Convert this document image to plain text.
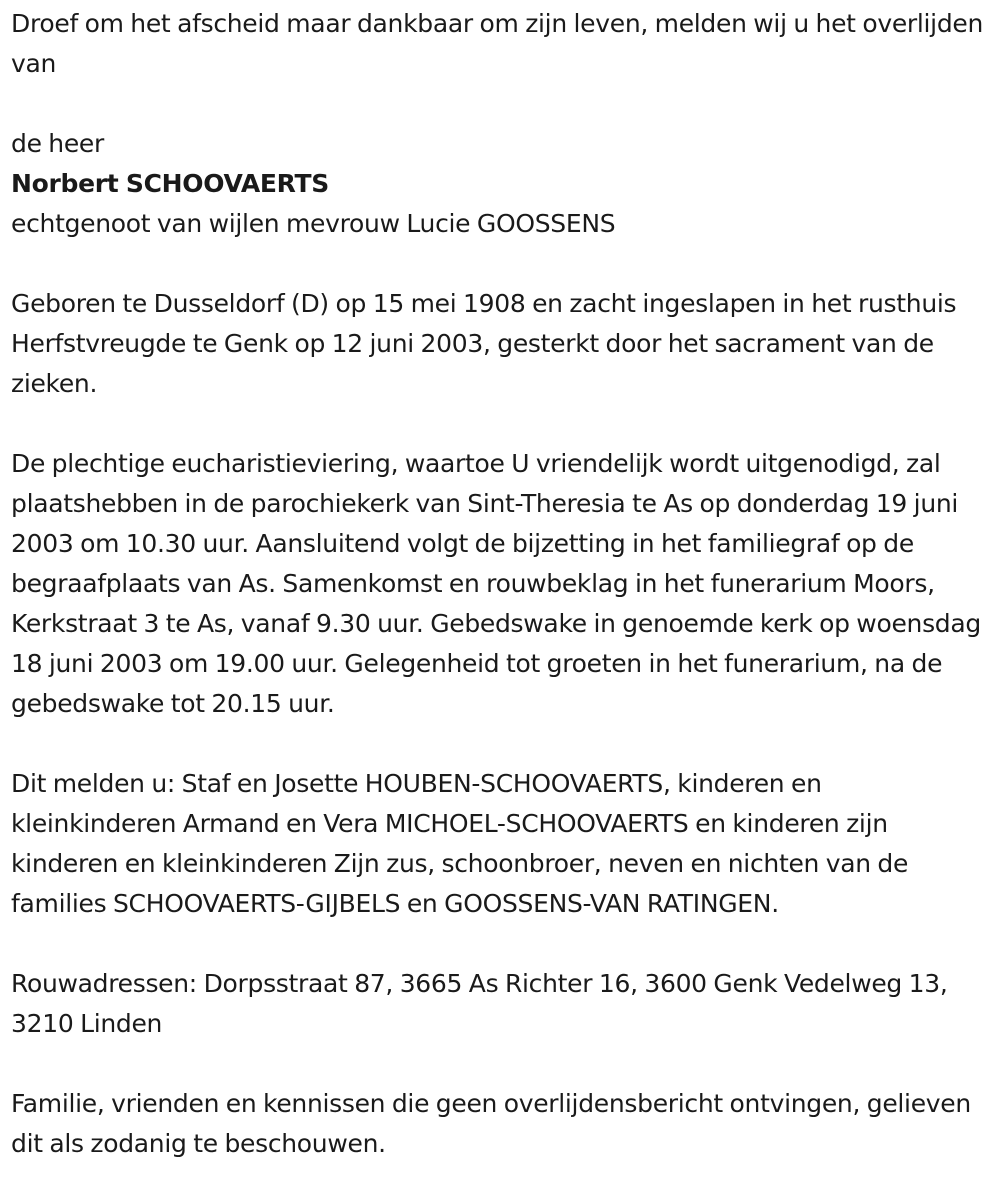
Droef om het afscheid maar dankbaar om zijn leven, melden wij u het overlijden van

de heer

Norbert SCHOOVAERTS

echtgenoot van wijlen mevrouw Lucie GOOSSENS

Geboren te Dusseldorf (D) op 15 mei 1908 en zacht ingeslapen in het rusthuis Herfstvreugde te Genk op 12 juni 2003, gesterkt door het sacrament van de zieken.

De plechtige eucharistieviering, waartoe U vriendelijk wordt uitgenodigd, zal plaatshebben in de parochiekerk van Sint-Theresia te As op donderdag 19 juni 2003 om 10.30 uur. Aansluitend volgt de bijzetting in het familiegraf op de begraafplaats van As. Samenkomst en rouwbeklag in het funerarium Moors, Kerkstraat 3 te As, vanaf 9.30 uur. Gebedswake in genoemde kerk op woensdag 18 juni 2003 om 19.00 uur. Gelegenheid tot groeten in het funerarium, na de gebedswake tot 20.15 uur.

Dit melden u: Staf en Josette HOUBEN-SCHOOVAERTS, kinderen en kleinkinderen Armand en Vera MICHOEL-SCHOOVAERTS en kinderen zijn kinderen en kleinkinderen Zijn zus, schoonbroer, neven en nichten van de families SCHOOVAERTS-GIJBELS en GOOSSENS-VAN RATINGEN.

Rouwadressen: Dorpsstraat 87, 3665 As Richter 16, 3600 Genk Vedelweg 13, 3210 Linden

Familie, vrienden en kennissen die geen overlijdensbericht ontvingen, gelieven dit als zodanig te beschouwen.
